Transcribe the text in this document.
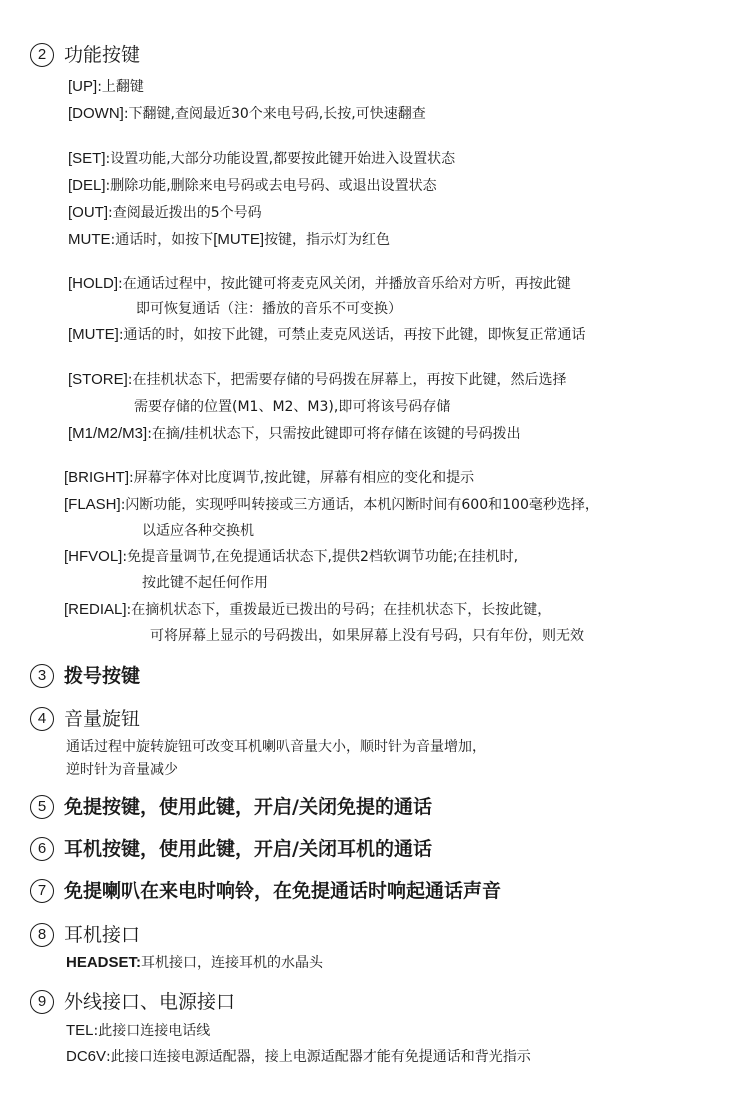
2 功能按键
[UP]:上翻键
[DOWN]:下翻键,查阅最近30个来电号码,长按,可快速翻查
[SET]:设置功能,大部分功能设置,都要按此键开始进入设置状态
[DEL]:删除功能,删除来电号码或去电号码、或退出设置状态
[OUT]:查阅最近拨出的5个号码
MUTE:通话时，如按下[MUTE]按键，指示灯为红色
[HOLD]:在通话过程中，按此键可将麦克风关闭，并播放音乐给对方听，再按此键
即可恢复通话（注：播放的音乐不可变换）
[MUTE]:通话的时，如按下此键，可禁止麦克风送话，再按下此键，即恢复正常通话
[STORE]:在挂机状态下，把需要存储的号码拨在屏幕上，再按下此键，然后选择
需要存储的位置(M1、M2、M3),即可将该号码存储
[M1/M2/M3]:在摘/挂机状态下，只需按此键即可将存储在该键的号码拨出
[BRIGHT]:屏幕字体对比度调节,按此键，屏幕有相应的变化和提示
[FLASH]:闪断功能，实现呼叫转接或三方通话，本机闪断时间有600和100毫秒选择，
以适应各种交换机
[HFVOL]:免提音量调节,在免提通话状态下,提供2档软调节功能;在挂机时,
按此键不起任何作用
[REDIAL]:在摘机状态下，重拨最近已拨出的号码；在挂机状态下，长按此键，
可将屏幕上显示的号码拨出，如果屏幕上没有号码，只有年份，则无效
3 拨号按键
4 音量旋钮
通话过程中旋转旋钮可改变耳机喇叭音量大小，顺时针为音量增加，
逆时针为音量减少
5 免提按键，使用此键，开启/关闭免提的通话
6 耳机按键，使用此键，开启/关闭耳机的通话
7 免提喇叭在来电时响铃，在免提通话时响起通话声音
8 耳机接口
HEADSET:耳机接口，连接耳机的水晶头
9 外线接口、电源接口
TEL:此接口连接电话线
DC6V:此接口连接电源适配器，接上电源适配器才能有免提通话和背光指示
